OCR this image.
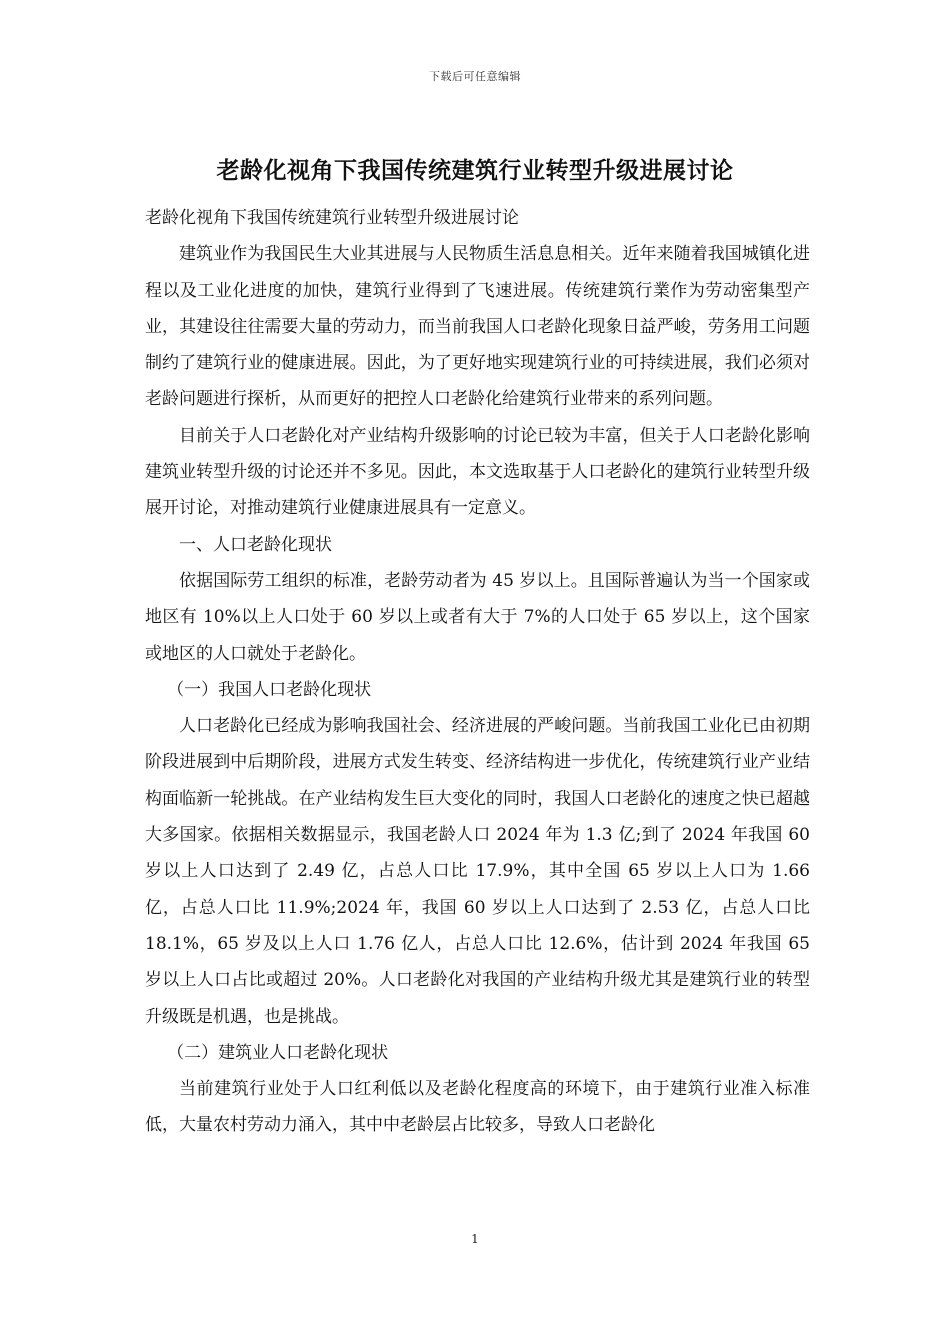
下载后可任意编辑
老龄化视角下我国传统建筑行业转型升级进展讨论

老龄化视角下我国传统建筑行业转型升级进展讨论

建筑业作为我国民生大业其进展与人民物质生活息息相关。近年来随着我国城镇化进程以及工业化进度的加快，建筑行业得到了飞速进展。传统建筑行業作为劳动密集型产业，其建设往往需要大量的劳动力，而当前我国人口老龄化现象日益严峻，劳务用工问题制约了建筑行业的健康进展。因此，为了更好地实现建筑行业的可持续进展，我们必须对老龄问题进行探析，从而更好的把控人口老龄化给建筑行业带来的系列问题。

目前关于人口老龄化对产业结构升级影响的讨论已较为丰富，但关于人口老龄化影响建筑业转型升级的讨论还并不多见。因此，本文选取基于人口老龄化的建筑行业转型升级展开讨论，对推动建筑行业健康进展具有一定意义。

一、人口老龄化现状

依据国际劳工组织的标准，老龄劳动者为 45 岁以上。且国际普遍认为当一个国家或地区有 10%以上人口处于 60 岁以上或者有大于 7%的人口处于 65 岁以上，这个国家或地区的人口就处于老龄化。

（一）我国人口老龄化现状

人口老龄化已经成为影响我国社会、经济进展的严峻问题。当前我国工业化已由初期阶段进展到中后期阶段，进展方式发生转变、经济结构进一步优化，传统建筑行业产业结构面临新一轮挑战。在产业结构发生巨大变化的同时，我国人口老龄化的速度之快已超越大多国家。依据相关数据显示，我国老龄人口 2024 年为 1.3 亿;到了 2024 年我国 60 岁以上人口达到了 2.49 亿，占总人口比 17.9%，其中全国 65 岁以上人口为 1.66 亿，占总人口比 11.9%;2024 年，我国 60 岁以上人口达到了 2.53 亿，占总人口比 18.1%，65 岁及以上人口 1.76 亿人，占总人口比 12.6%，估计到 2024 年我国 65 岁以上人口占比或超过 20%。人口老龄化对我国的产业结构升级尤其是建筑行业的转型升级既是机遇，也是挑战。

（二）建筑业人口老龄化现状

当前建筑行业处于人口红利低以及老龄化程度高的环境下，由于建筑行业准入标准低，大量农村劳动力涌入，其中中老龄层占比较多，导致人口老龄化

1
